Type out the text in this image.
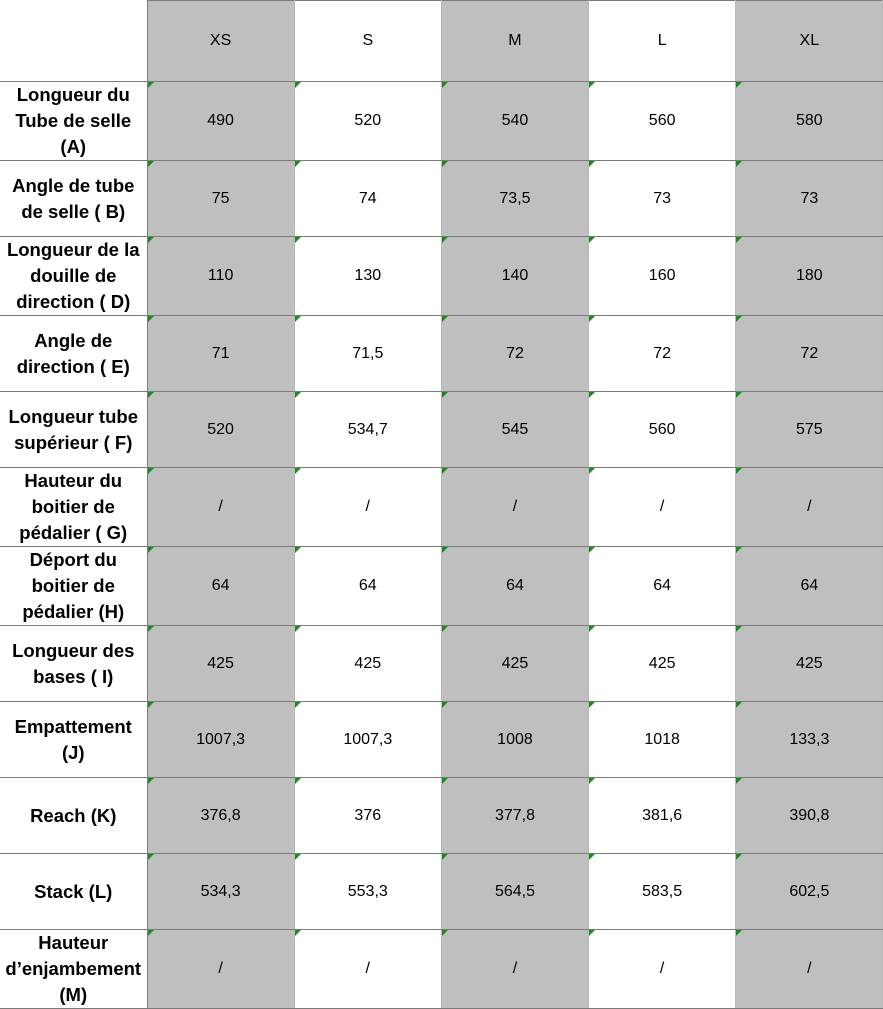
	XS	S	M	L	XL
Longueur du Tube de selle (A)	490	520	540	560	580
Angle de tube de selle ( B)	75	74	73,5	73	73
Longueur de la douille de direction ( D)	110	130	140	160	180
Angle de direction ( E)	71	71,5	72	72	72
Longueur tube supérieur ( F)	520	534,7	545	560	575
Hauteur du boitier de pédalier ( G)	/	/	/	/	/
Déport du boitier de pédalier (H)	64	64	64	64	64
Longueur des bases ( I)	425	425	425	425	425
Empattement (J)	1007,3	1007,3	1008	1018	133,3
Reach (K)	376,8	376	377,8	381,6	390,8
Stack (L)	534,3	553,3	564,5	583,5	602,5
Hauteur d’enjambement (M)	/	/	/	/	/
